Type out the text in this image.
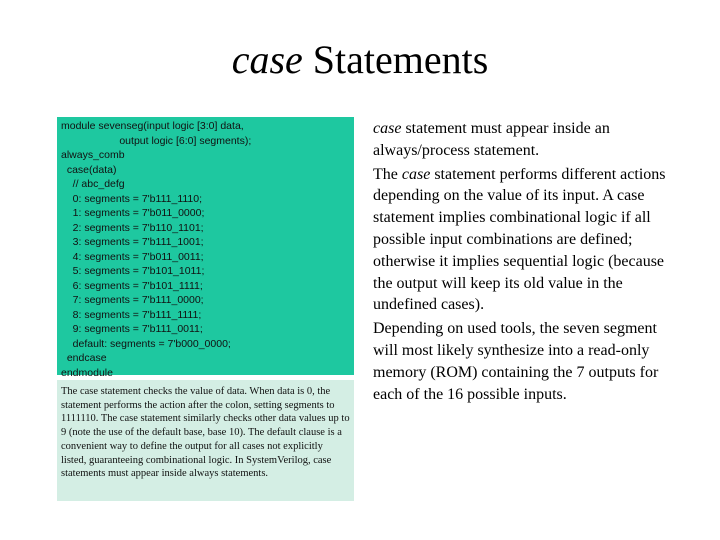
case Statements
module sevenseg(input logic [3:0] data,
output logic [6:0] segments);
always_comb
case(data)
// abc_defg
0: segments = 7'b111_1110;
1: segments = 7'b011_0000;
2: segments = 7'b110_1101;
3: segments = 7'b111_1001;
4: segments = 7'b011_0011;
5: segments = 7'b101_1011;
6: segments = 7'b101_1111;
7: segments = 7'b111_0000;
8: segments = 7'b111_1111;
9: segments = 7'b111_0011;
default: segments = 7'b000_0000;
endcase
endmodule
The case statement checks the value of data. When data is 0, the statement performs the action after the colon, setting segments to 1111110. The case statement similarly checks other data values up to 9 (note the use of the default base, base 10). The default clause is a convenient way to define the output for all cases not explicitly listed, guaranteeing combinational logic. In SystemVerilog, case statements must appear inside always statements.

case statement must appear inside an always/process statement.

The case statement performs different actions depending on the value of its input. A case statement implies combinational logic if all possible input combinations are defined; otherwise it implies sequential logic (because the output will keep its old value in the undefined cases).

Depending on used tools, the seven segment will most likely synthesize into a read-only memory (ROM) containing the 7 outputs for each of the 16 possible inputs.
